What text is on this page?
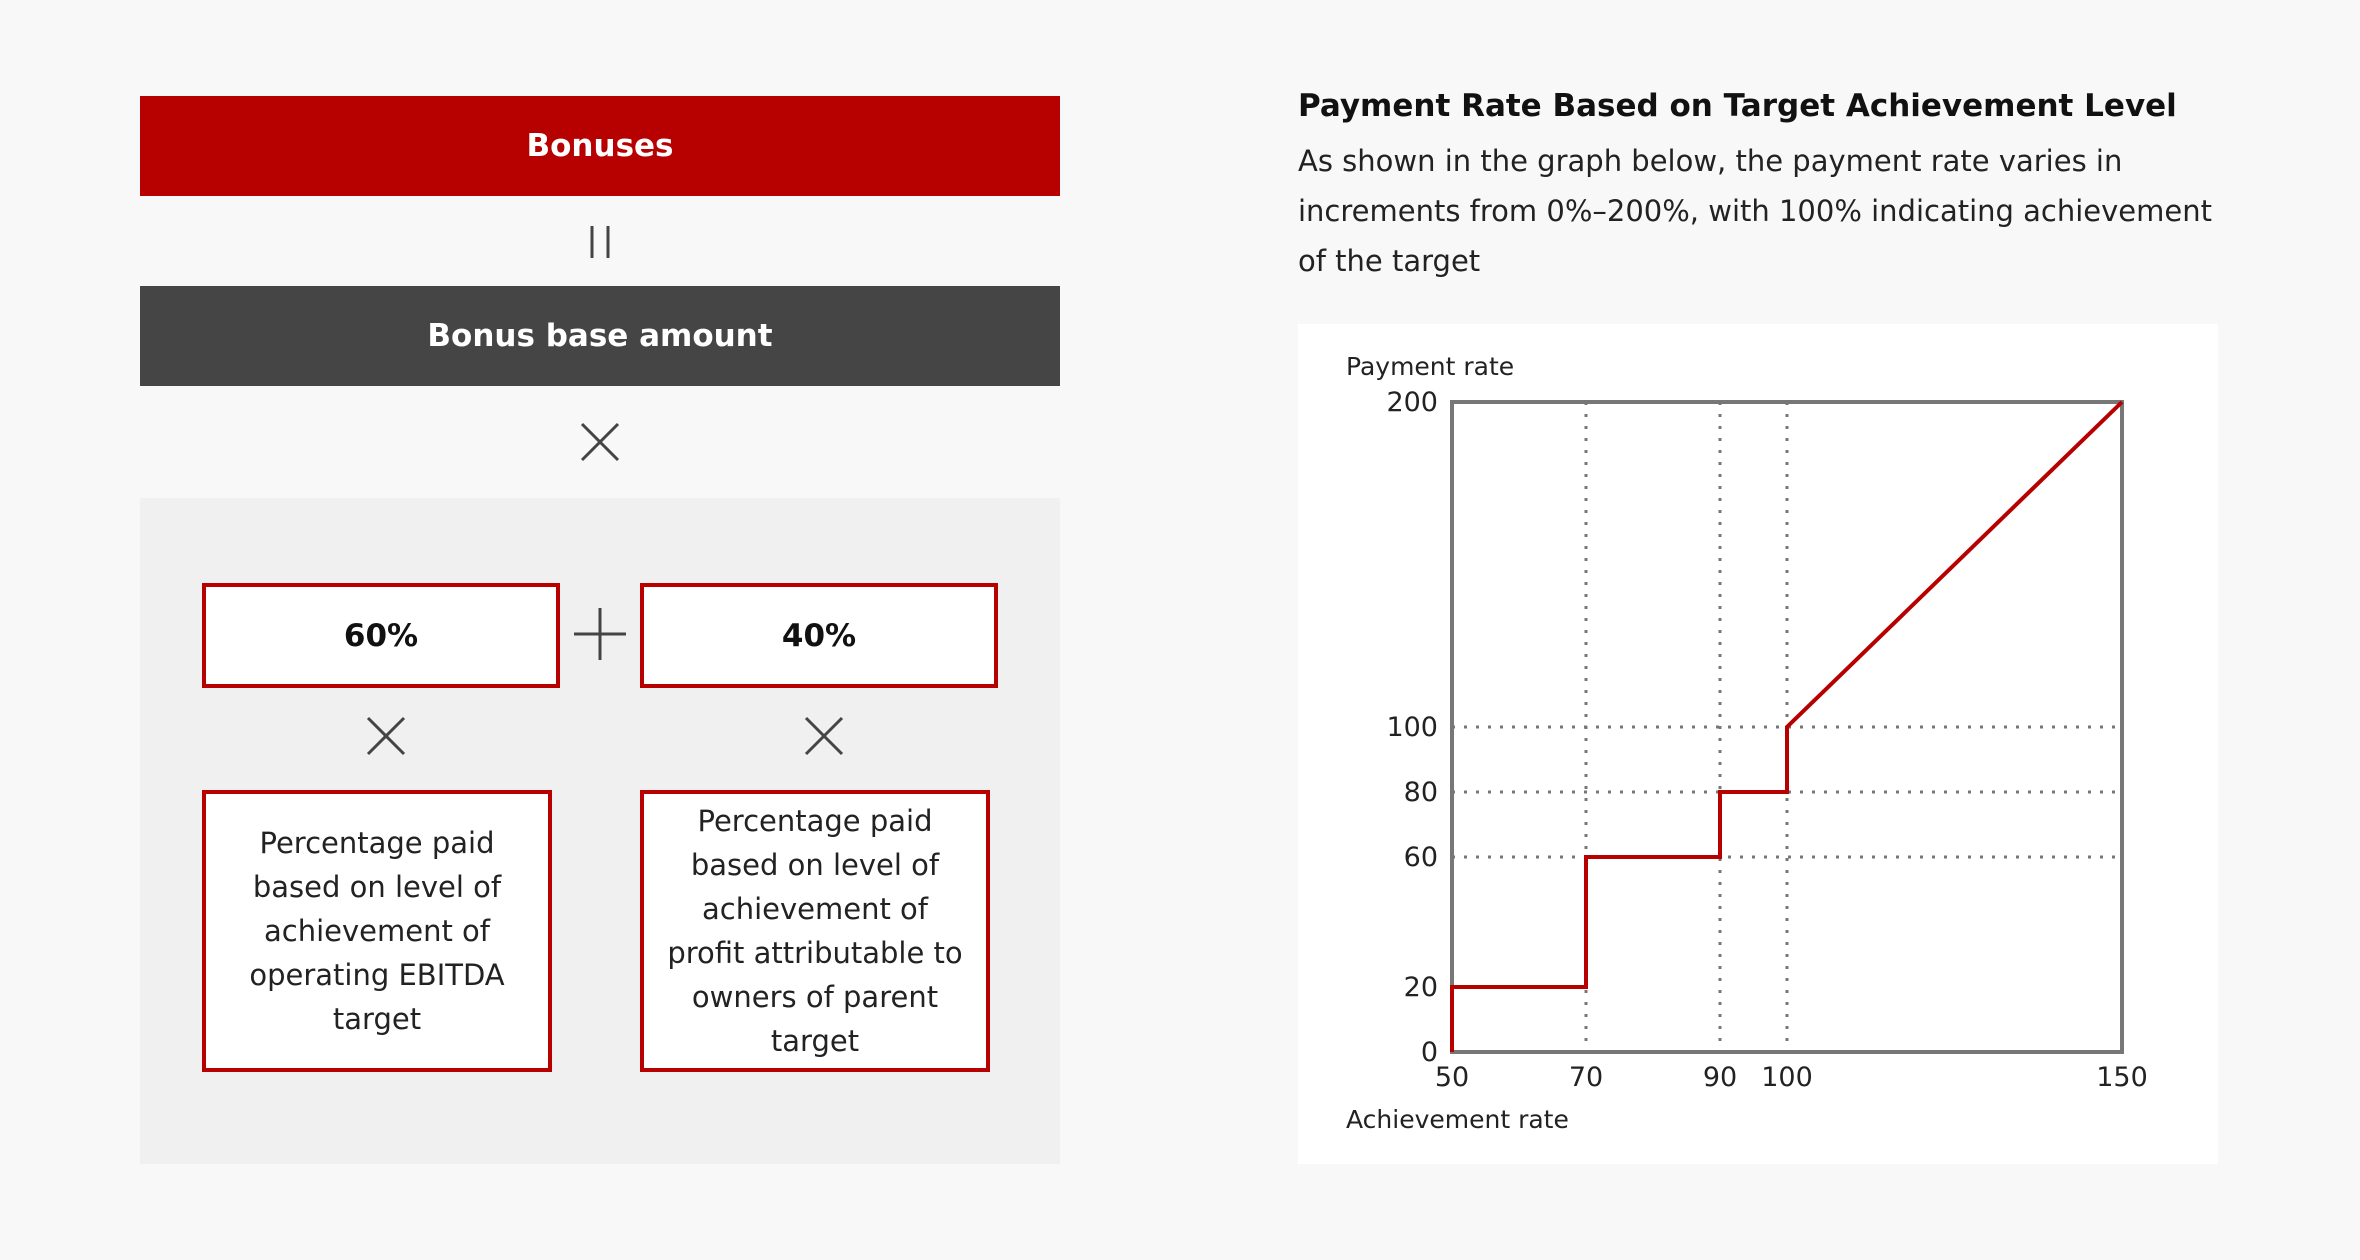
Bonuses
Bonus base amount
60%	40%
Percentage paid based on level of achievement of operating EBITDA target
Percentage paid based on level of achievement of profit attributable to owners of parent target
Payment Rate Based on Target Achievement Level
As shown in the graph below, the payment rate varies in increments from 0%–200%, with 100% indicating achievement of the target
Payment rate
Achievement rate
50	70	90 100	150
0
20
60
80
100
200
